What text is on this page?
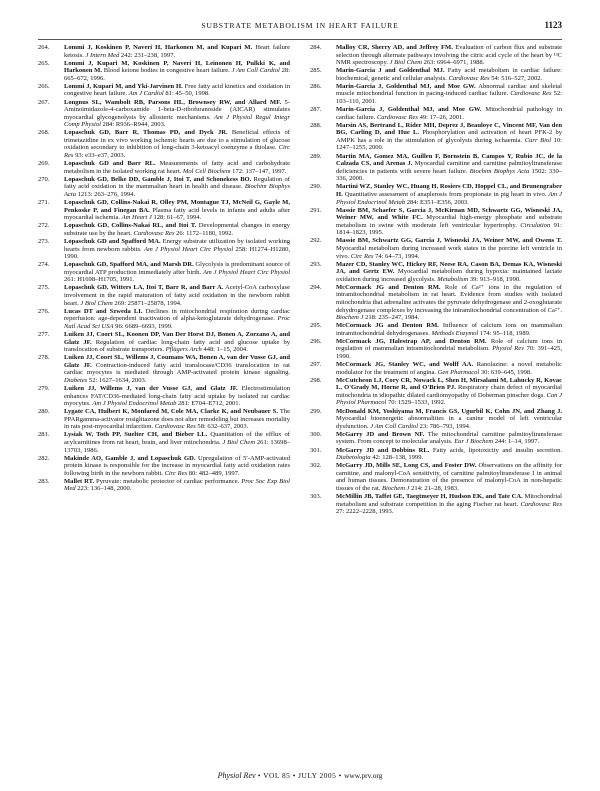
SUBSTRATE METABOLISM IN HEART FAILURE	1123
264.	Lommi J, Koskinen P, Naveri H, Harkonen M, and Kupari M. Heart failure ketosis. J Intern Med 242: 231–238, 1997.
265.	Lommi J, Kupari M, Koskinen P, Naveri H, Leinonen H, Pulkki K, and Harkonen M. Blood ketone bodies in congestive heart failure. J Am Coll Cardiol 28: 665–672, 1996.
266.	Lommi J, Kupari M, and Yki-Jarvinen H. Free fatty acid kinetics and oxidation in congestive heart failure. Am J Cardiol 81: 45–50, 1998.
267.	Longnus SL, Wambolt RB, Parsons HL, Brownsey RW, and Allard MF. 5-Aminoimidazole-4-carboxamide 1-beta-D-ribofuranoside (AICAR) stimulates myocardial glycogenolysis by allosteric mechanisms. Am J Physiol Regul Integr Comp Physiol 284: R936–R944, 2003.
268.	Lopaschuk GD, Barr R, Thomas PD, and Dyck JR. Beneficial effects of trimetazidine in ex vivo working ischemic hearts are due to a stimulation of glucose oxidation secondary to inhibition of long-chain 3-ketoacyl coenzyme a thiolase. Circ Res 93: e33–e37, 2003.
269.	Lopaschuk GD and Barr RL. Measurements of fatty acid and carbohydrate metabolism in the isolated working rat heart. Mol Cell Biochem 172: 137–147, 1997.
270.	Lopaschuk GD, Belke DD, Gamble J, Itoi T, and Schonekess BO. Regulation of fatty acid oxidation in the mammalian heart in health and disease. Biochim Biophys Acta 1213: 263–276, 1994.
271.	Lopaschuk GD, Collins-Nakai R, Olley PM, Montague TJ, McNeil G, Gayle M, Penkoske P, and Finegan BA. Plasma fatty acid levels in infants and adults after myocardial ischemia. Am Heart J 128: 61–67, 1994.
272.	Lopaschuk GD, Collins-Nakai RL, and Itoi T. Developmental changes in energy substrate use by the heart. Cardiovasc Res 26: 1172–1180, 1992.
273.	Lopaschuk GD and Spafford MA. Energy substrate utilization by isolated working hearts from newborn rabbits. Am J Physiol Heart Circ Physiol 258: H1274–H1280, 1990.
274.	Lopaschuk GD, Spafford MA, and Marsh DR. Glycolysis is predominant source of myocardial ATP production immediately after birth. Am J Physiol Heart Circ Physiol 261: H1698–H1705, 1991.
275.	Lopaschuk GD, Witters LA, Itoi T, Barr R, and Barr A. Acetyl-CoA carboxylase involvement in the rapid maturation of fatty acid oxidation in the newborn rabbit heart. J Biol Chem 269: 25871–25878, 1994.
276.	Lucas DT and Szweda LI. Declines in mitochondrial respiration during cardiac reperfusion: age-dependent inactivation of alpha-ketoglutarate dehydrogenase. Proc Natl Acad Sci USA 96: 6689–6693, 1999.
277.	Luiken JJ, Coort SL, Koonen DP, Van Der Horst DJ, Bonen A, Zorzano A, and Glatz JF. Regulation of cardiac long-chain fatty acid and glucose uptake by translocation of substrate transporters. Pflügers Arch 448: 1–15, 2004.
278.	Luiken JJ, Coort SL, Willems J, Coumans WA, Bonen A, van der Vusse GJ, and Glatz JF. Contraction-induced fatty acid translocase/CD36 translocation in rat cardiac myocytes is mediated through AMP-activated protein kinase signaling. Diabetes 52: 1627–1634, 2003.
279.	Luiken JJ, Willems J, van der Vusse GJ, and Glatz JF. Electrostimulation enhances FAT/CD36-mediated long-chain fatty acid uptake by isolated rat cardiac myocytes. Am J Physiol Endocrinol Metab 281: E704–E712, 2001.
280.	Lygate CA, Hulbert K, Monfared M, Cole MA, Clarke K, and Neubauer S. The PPARgamma-activator rosiglitazone does not alter remodeling but increases mortality in rats post-myocardial infarction. Cardiovasc Res 58: 632–637, 2003.
281.	Lysiak W, Toth PP, Suelter CH, and Bieber LL. Quantitation of the efflux of acylcarnitines from rat heart, brain, and liver mitochondria. J Biol Chem 261: 13698–13703, 1986.
282.	Makinde AO, Gamble J, and Lopaschuk GD. Upregulation of 5′-AMP-activated protein kinase is responsible for the increase in myocardial fatty acid oxidation rates following birth in the newborn rabbit. Circ Res 80: 482–489, 1997.
283.	Mallet RT. Pyruvate: metabolic protector of cardiac performance. Proc Soc Exp Biol Med 223: 136–148, 2000.
284.	Malloy CR, Sherry AD, and Jeffrey FM. Evaluation of carbon flux and substrate selection through alternate pathways involving the citric acid cycle of the heart by ¹³C NMR spectroscopy. J Biol Chem 263: 6964–6971, 1988.
285.	Marin-Garcia J and Goldenthal MJ. Fatty acid metabolism in cardiac failure: biochemical, genetic and cellular analysis. Cardiovasc Res 54: 516–527, 2002.
286.	Marin-Garcia J, Goldenthal MJ, and Moe GW. Abnormal cardiac and skeletal muscle mitochondrial function in pacing-induced cardiac failure. Cardiovasc Res 52: 103–110, 2001.
287.	Marin-Garcia J, Goldenthal MJ, and Moe GW. Mitochondrial pathology in cardiac failure. Cardiovasc Res 49: 17–26, 2001.
288.	Marsin AS, Bertrand L, Rider MH, Deprez J, Beauloye C, Vincent MF, Van den BG, Carling D, and Hue L. Phosphorylation and activation of heart PFK-2 by AMPK has a role in the stimulation of glycolysis during ischaemia. Curr Biol 10: 1247–1255, 2000.
289.	Martin MA, Gomez MA, Guillen F, Bornstein B, Campos Y, Rubio JC, de la Calzada CS, and Arenas J. Myocardial carnitine and carnitine palmitoyltransferase deficiencies in patients with severe heart failure. Biochim Biophys Acta 1502: 330–336, 2000.
290.	Martini WZ, Stanley WC, Huang H, Rosiers CD, Hoppel CL, and Brunengraber H. Quantitative assessment of anaplerosis from propionate in pig heart in vivo. Am J Physiol Endocrinol Metab 284: E351–E356, 2003.
291.	Massie BM, Schaefer S, Garcia J, McKirnan MD, Schwartz GG, Wisneski JA, Weiner MW, and White FC. Myocardial high-energy phosphate and substrate metabolism in swine with moderate left ventricular hypertrophy. Circulation 91: 1814–1823, 1995.
292.	Massie BM, Schwartz GG, Garcia J, Wisneski JA, Weiner MW, and Owens T. Myocardial metabolism during increased work states in the porcine left ventricle in vivo. Circ Res 74: 64–73, 1994.
293.	Mazer CD, Stanley WC, Hickey RF, Neese RA, Cason BA, Demas KA, Wisneski JA, and Gertz EW. Myocardial metabolism during hypoxia: maintained lactate oxidation during increased glycolysis. Metabolism 39: 913–918, 1990.
294.	McCormack JG and Denton RM. Role of Ca²⁺ ions in the regulation of intramitochondrial metabolism in rat heart. Evidence from studies with isolated mitochondria that adrenaline activates the pyruvate dehydrogenase and 2-oxoglutarate dehydrogenase complexes by increasing the intramitochondrial concentration of Ca²⁺. Biochem J 218: 235–247, 1984.
295.	McCormack JG and Denton RM. Influence of calcium ions on mammalian intramitochondrial dehydrogenases. Methods Enzymol 174: 95–118, 1989.
296.	McCormack JG, Halestrap AP, and Denton RM. Role of calcium ions in regulation of mammalian intramitochondrial metabolism. Physiol Rev 70: 391–425, 1990.
297.	McCormack JG, Stanley WC, and Wolff AA. Ranolazine: a novel metabolic modulator for the treatment of angina. Gen Pharmacol 30: 639–645, 1998.
298.	McCutcheon LJ, Cory CR, Nowack L, Shen H, Mirsalami M, Lahucky R, Kovac L, O'Grady M, Horne R, and O'Brien PJ. Respiratory chain defect of myocardial mitochondria in idiopathic dilated cardiomyopathy of Doberman pinscher dogs. Can J Physiol Pharmacol 70: 1529–1533, 1992.
299.	McDonald KM, Yoshiyama M, Francis GS, Ugurbil K, Cohn JN, and Zhang J. Myocardial bioenergetic abnormalities in a canine model of left ventricular dysfunction. J Am Coll Cardiol 23: 786–793, 1994.
300.	McGarry JD and Brown NF. The mitochondrial carnitine palmitoyltransferase system. From concept to molecular analysis. Eur J Biochem 244: 1–14, 1997.
301.	McGarry JD and Dobbins RL. Fatty acids, lipotoxicity and insulin secretion. Diabetologia 42: 128–138, 1999.
302.	McGarry JD, Mills SE, Long CS, and Foster DW. Observations on the affinity for carnitine, and malonyl-CoA sensitivity, of carnitine palmitoyltransferase I in animal and human tissues. Demonstration of the presence of malonyl-CoA in non-hepatic tissues of the rat. Biochem J 214: 21–28, 1983.
303.	McMillin JB, Taffet GE, Taegtmeyer H, Hudson EK, and Tate CA. Mitochondrial metabolism and substrate competition in the aging Fischer rat heart. Cardiovasc Res 27: 2222–2228, 1993.
Physiol Rev • VOL 85 • JULY 2005 • www.prv.org
